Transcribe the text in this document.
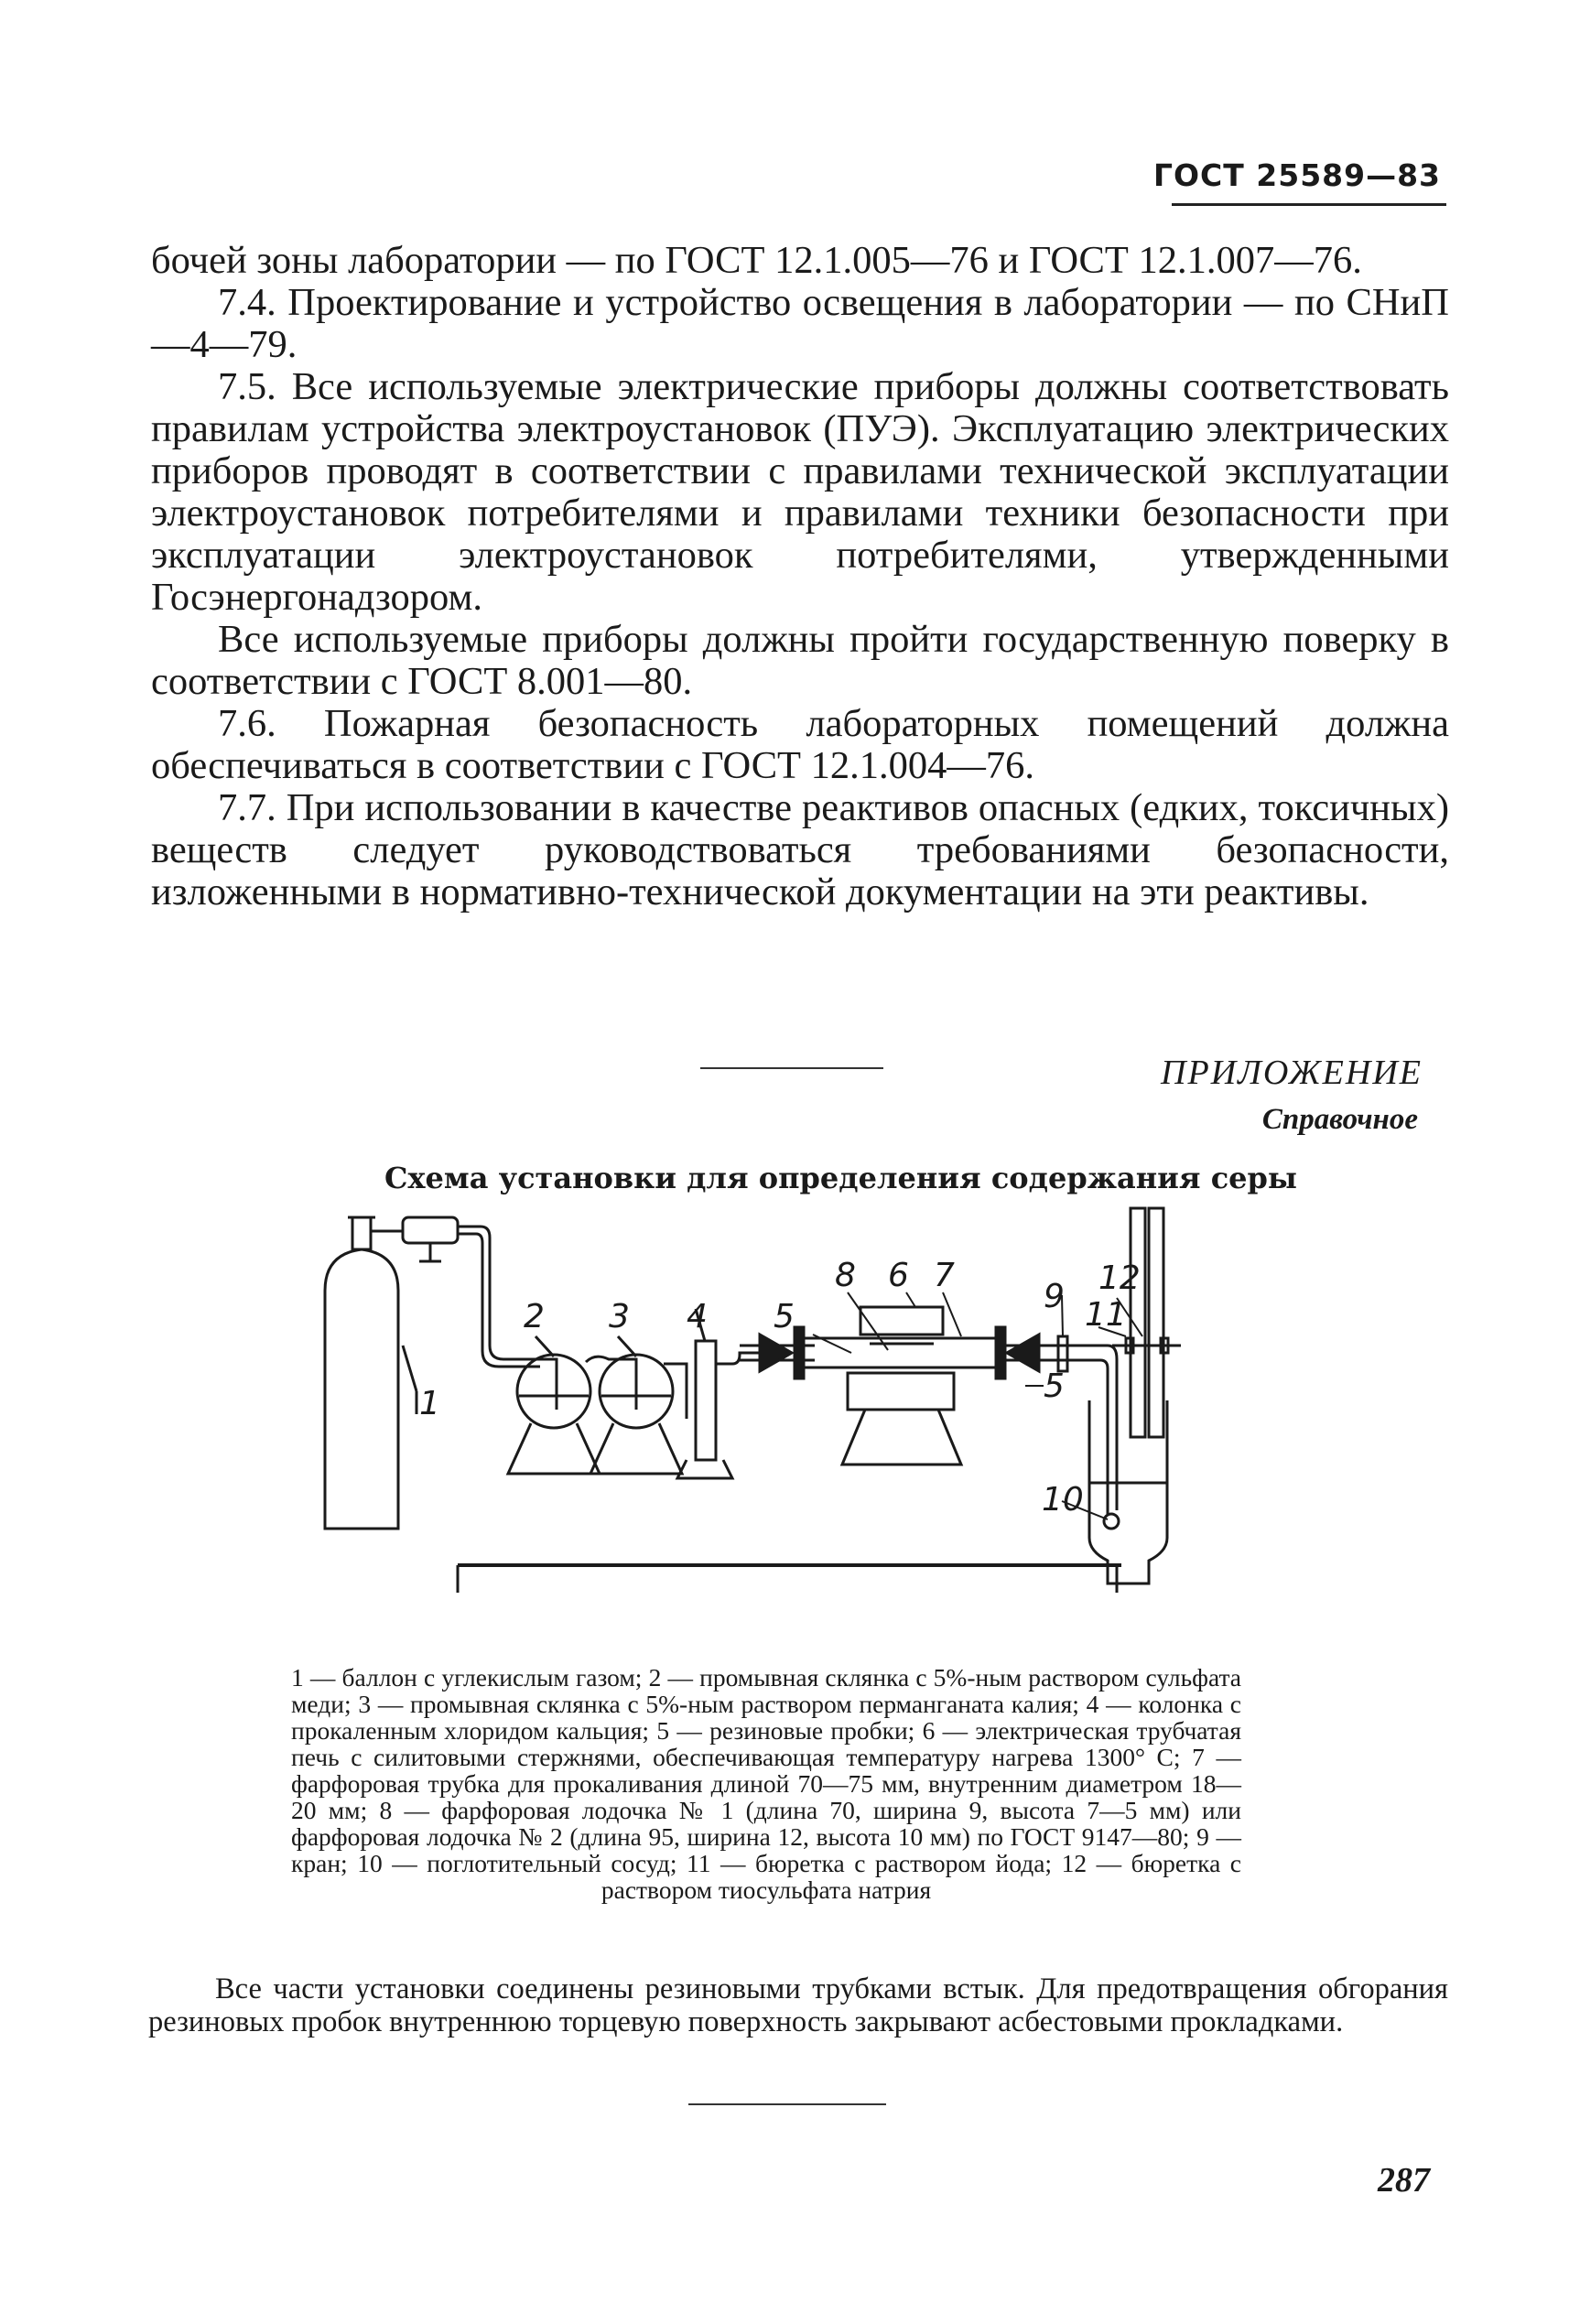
ГОСТ 25589—83

бочей зоны лаборатории — по ГОСТ 12.1.005—76 и ГОСТ 12.1.007—76.

7.4. Проектирование и устройство освещения в лаборатории — по СНиП—4—79.

7.5. Все используемые электрические приборы должны соответствовать правилам устройства электроустановок (ПУЭ). Эксплуатацию электрических приборов проводят в соответствии с правилами технической эксплуатации электроустановок потребителями и правилами техники безопасности при эксплуатации электроустановок потребителями, утвержденными Госэнергонадзором.

Все используемые приборы должны пройти государственную поверку в соответствии с ГОСТ 8.001—80.

7.6. Пожарная безопасность лабораторных помещений должна обеспечиваться в соответствии с ГОСТ 12.1.004—76.

7.7. При использовании в качестве реактивов опасных (едких, токсичных) веществ следует руководствоваться требованиями безопасности, изложенными в нормативно-технической документации на эти реактивы.

ПРИЛОЖЕНИЕ
Справочное
Схема установки для определения содержания серы
1
2 3 4 5
5
6 7
8
9
10
11
12

1 — баллон с углекислым газом; 2 — промывная склянка с 5%-ным раствором сульфата меди; 3 — промывная склянка с 5%-ным раствором перманганата калия; 4 — колонка с прокаленным хлоридом кальция; 5 — резиновые пробки; 6 — электрическая трубчатая печь с силитовыми стержнями, обеспечивающая температуру нагрева 1300° С; 7 — фарфоровая трубка для прокаливания длиной 70—75 мм, внутренним диаметром 18—20 мм; 8 — фарфоровая лодочка № 1 (длина 70, ширина 9, высота 7—5 мм) или фарфоровая лодочка № 2 (длина 95, ширина 12, высота 10 мм) по ГОСТ 9147—80; 9 — кран; 10 — поглотительный сосуд; 11 — бюретка с раствором йода; 12 — бюретка с раствором тиосульфата натрия

Все части установки соединены резиновыми трубками встык. Для предотвращения обгорания резиновых пробок внутреннюю торцевую поверхность закрывают асбестовыми прокладками.

287
